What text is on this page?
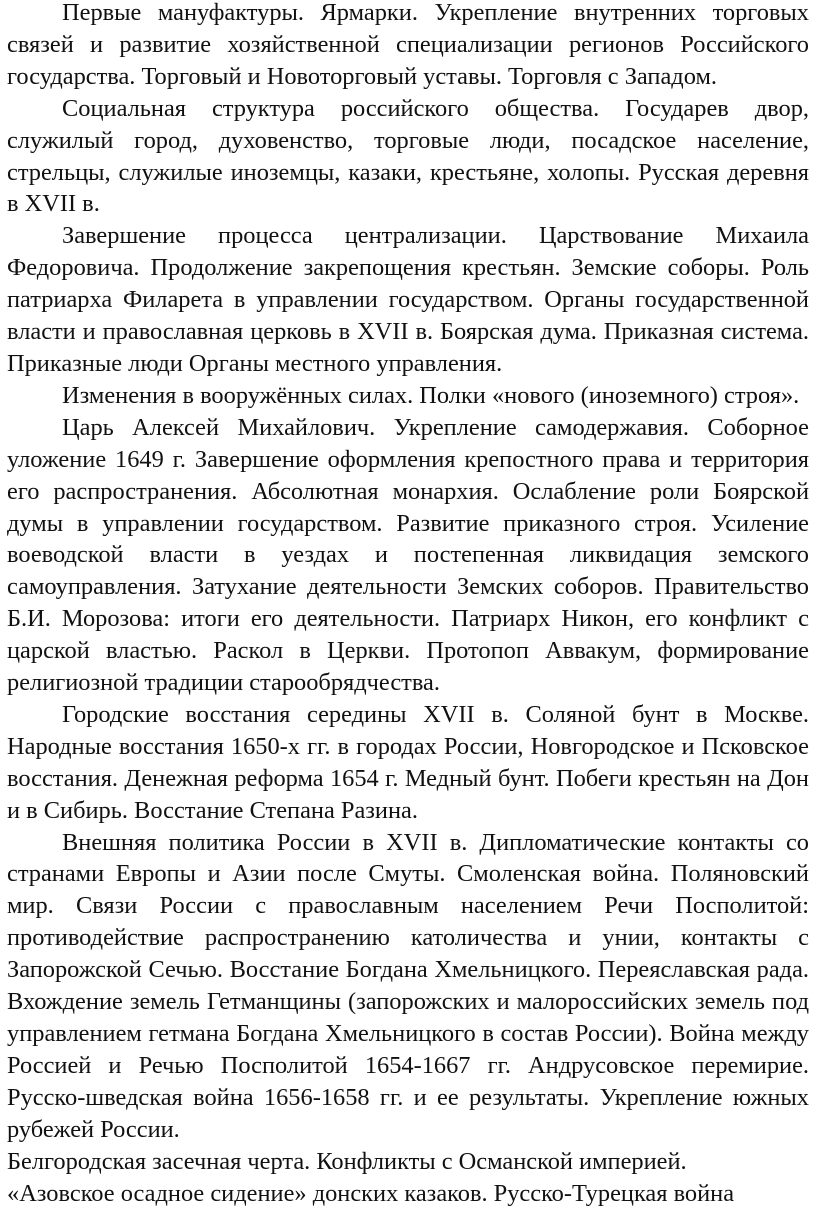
Первые мануфактуры. Ярмарки. Укрепление внутренних торговых связей и развитие хозяйственной специализации регионов Российского государства. Торговый и Новоторговый уставы. Торговля с Западом.

Социальная структура российского общества. Государев двор, служилый город, духовенство, торговые люди, посадское население, стрельцы, служилые иноземцы, казаки, крестьяне, холопы. Русская деревня в XVII в.

Завершение процесса централизации. Царствование Михаила Федоровича. Продолжение закрепощения крестьян. Земские соборы. Роль патриарха Филарета в управлении государством. Органы государственной власти и православная церковь в XVII в. Боярская дума. Приказная система. Приказные люди Органы местного управления.

Изменения в вооружённых силах. Полки «нового (иноземного) строя».

Царь Алексей Михайлович. Укрепление самодержавия. Соборное уложение 1649 г. Завершение оформления крепостного права и территория его распространения. Абсолютная монархия. Ослабление роли Боярской думы в управлении государством. Развитие приказного строя. Усиление воеводской власти в уездах и постепенная ликвидация земского самоуправления. Затухание деятельности Земских соборов. Правительство Б.И. Морозова: итоги его деятельности. Патриарх Никон, его конфликт с царской властью. Раскол в Церкви. Протопоп Аввакум, формирование религиозной традиции старообрядчества.

Городские восстания середины XVII в. Соляной бунт в Москве. Народные восстания 1650-х гг. в городах России, Новгородское и Псковское восстания. Денежная реформа 1654 г. Медный бунт. Побеги крестьян на Дон и в Сибирь. Восстание Степана Разина.

Внешняя политика России в XVII в. Дипломатические контакты со странами Европы и Азии после Смуты. Смоленская война. Поляновский мир. Связи России с православным населением Речи Посполитой: противодействие распространению католичества и унии, контакты с Запорожской Сечью. Восстание Богдана Хмельницкого. Переяславская рада. Вхождение земель Гетманщины (запорожских и малороссийских земель под управлением гетмана Богдана Хмельницкого в состав России). Война между Россией и Речью Посполитой 1654-1667 гг. Андрусовское перемирие. Русско-шведская война 1656-1658 гг. и ее результаты. Укрепление южных рубежей России.

Белгородская засечная черта. Конфликты с Османской империей.

«Азовское осадное сидение» донских казаков. Русско-Турецкая война
